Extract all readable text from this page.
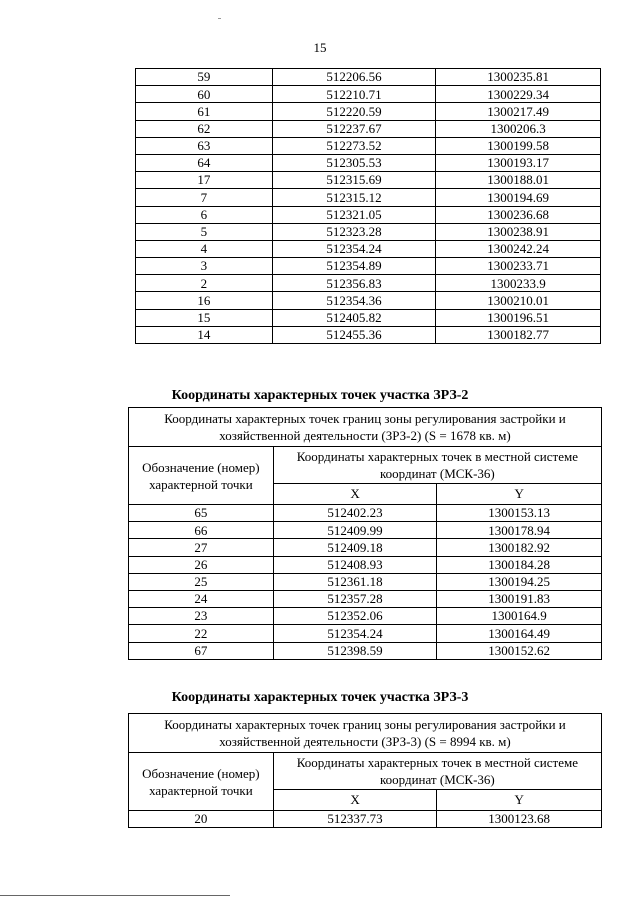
15
59	512206.56	1300235.81
60	512210.71	1300229.34
61	512220.59	1300217.49
62	512237.67	1300206.3
63	512273.52	1300199.58
64	512305.53	1300193.17
17	512315.69	1300188.01
7	512315.12	1300194.69
6	512321.05	1300236.68
5	512323.28	1300238.91
4	512354.24	1300242.24
3	512354.89	1300233.71
2	512356.83	1300233.9
16	512354.36	1300210.01
15	512405.82	1300196.51
14	512455.36	1300182.77
Координаты характерных точек участка ЗРЗ-2
Координаты характерных точек границ зоны регулирования застройки и хозяйственной деятельности (ЗРЗ-2) (S = 1678 кв. м)		
Обозначение (номер) характерной точки	Координаты характерных точек в местной системе координат (МСК-36)	
	X	Y
65	512402.23	1300153.13
66	512409.99	1300178.94
27	512409.18	1300182.92
26	512408.93	1300184.28
25	512361.18	1300194.25
24	512357.28	1300191.83
23	512352.06	1300164.9
22	512354.24	1300164.49
67	512398.59	1300152.62
Координаты характерных точек участка ЗРЗ-3
Координаты характерных точек границ зоны регулирования застройки и хозяйственной деятельности (ЗРЗ-3) (S = 8994 кв. м)		
Обозначение (номер) характерной точки	Координаты характерных точек в местной системе координат (МСК-36)	
	X	Y
20	512337.73	1300123.68
